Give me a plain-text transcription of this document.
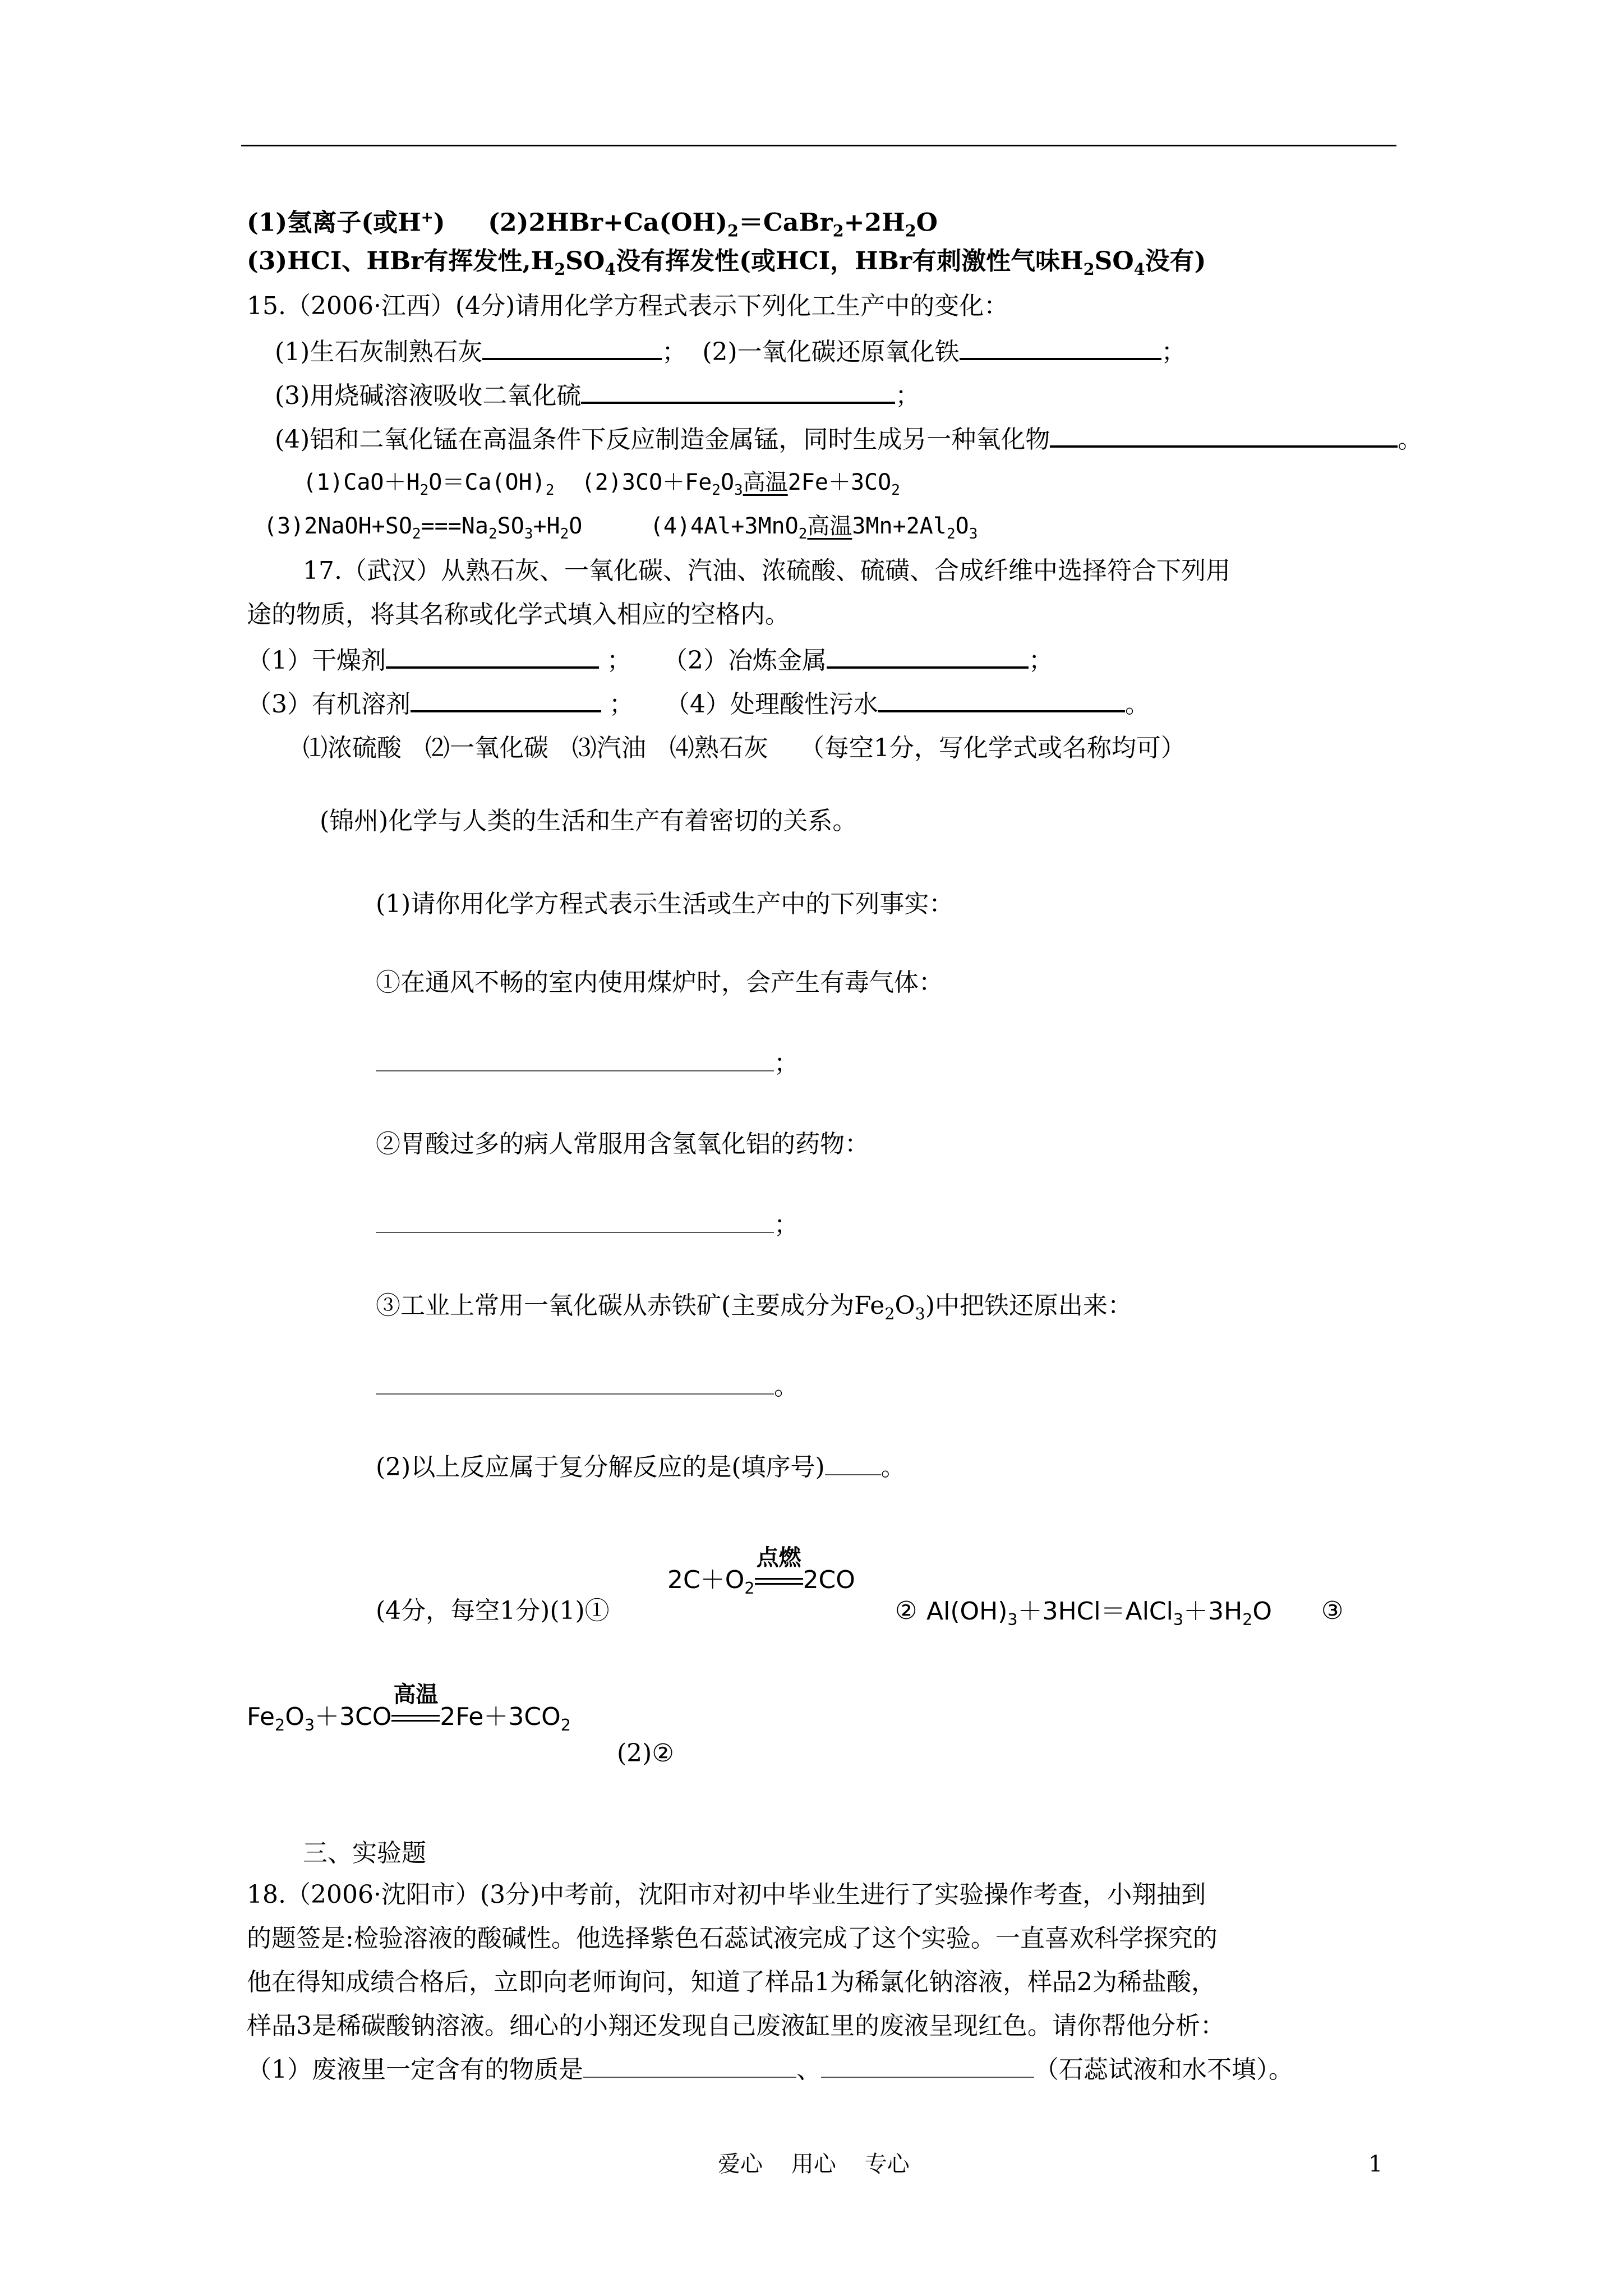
(1)氢离子(或H+) $(2)2HBr+Ca(OH)_2=CaBr_2+2H_2O$
(3)HCI、HBr有挥发性$,H_2SO_4$没有挥发性(或HCI，HBr有刺激性气味$H_2SO_4$没有)
15.（2006·江西）(4分)请用化学方程式表示下列化工生产中的变化：
(1)生石灰制熟石灰	； (2)一氧化碳还原氧化铁	；
(3)用烧碱溶液吸收二氧化硫	；
(4)铝和二氧化锰在高温条件下反应制造金属锰，同时生成另一种氧化物	。
$(1)CaO+H_2O=Ca(OH)_2$ $(2)3CO+Fe_2O_3$高温$2Fe+3CO_2$
$(3)2NaOH+SO_2===Na_2SO_3+H_2O$	(4)4Al+3MnO$_2$高温$3Mn+2Al_2O_3$
17.（武汉）从熟石灰、一氧化碳、汽油、浓硫酸、硫磺、合成纤维中选择符合下列用
途的物质，将其名称或化学式填入相应的空格内。
（1）干燥剂	； （2）冶炼金属	；
（3）有机溶剂	； （4）处理酸性污水	。
⑴浓硫酸   ⑵一氧化碳   ⑶汽油   ⑷熟石灰    （每空1分，写化学式或名称均可）
(锦州)化学与人类的生活和生产有着密切的关系。
(1)请你用化学方程式表示生活或生产中的下列事实：
①在通风不畅的室内使用煤炉时，会产生有毒气体：
；
②胃酸过多的病人常服用含氢氧化铝的药物：
；
③工业上常用一氧化碳从赤铁矿(主要成分为$Fe_2O_3$)中把铁还原出来：
。
(2)以上反应属于复分解反应的是(填序号) 。
(4分，每空1分)(1)①
$2C+O_2$
点燃
2CO
② $Al(OH)_3+3HCl=AlCl_3+3H_2O$ ③
$Fe_2O_3+3CO$
高温
$2Fe+3CO_2$
(2)②
三、实验题
18.（2006·沈阳市）(3分)中考前，沈阳市对初中毕业生进行了实验操作考查，小翔抽到
的题签是:检验溶液的酸碱性。他选择紫色石蕊试液完成了这个实验。一直喜欢科学探究的
他在得知成绩合格后，立即向老师询问，知道了样品1为稀氯化钠溶液，样品2为稀盐酸，
样品3是稀碳酸钠溶液。细心的小翔还发现自己废液缸里的废液呈现红色。请你帮他分析：
（1）废液里一定含有的物质是	、	（石蕊试液和水不填）。
爱心    用心    专心	1
